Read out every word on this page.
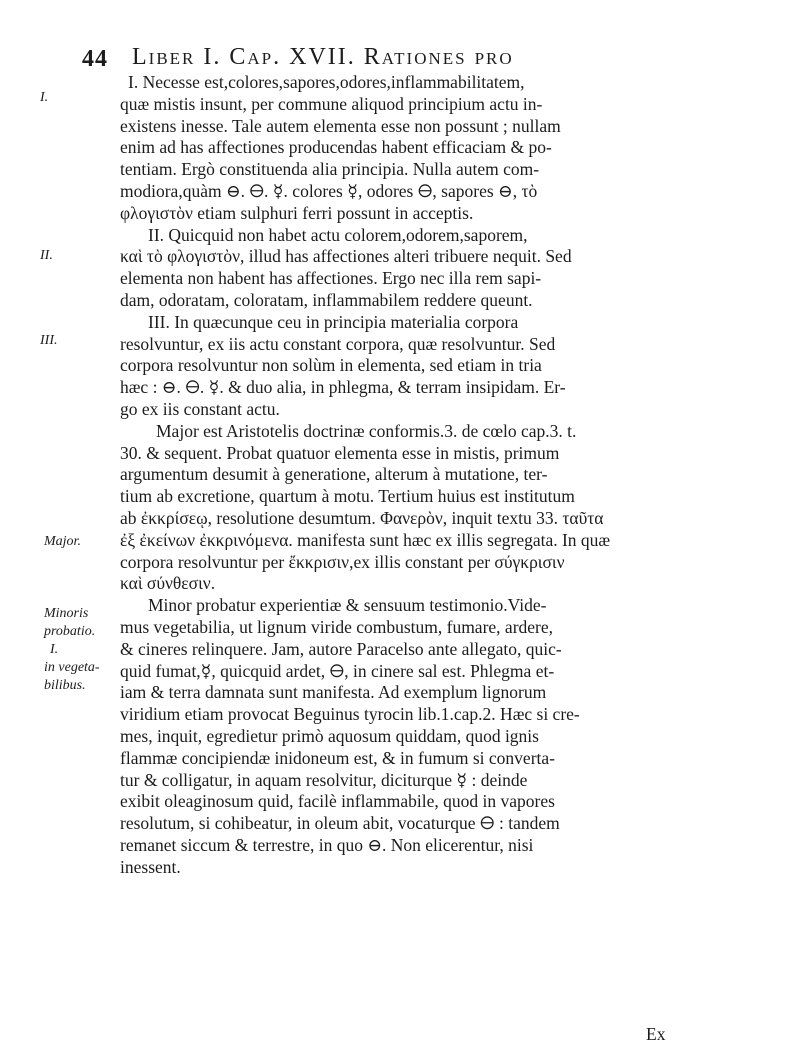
44 Liber I. Cap. XVII. Rationes pro
I.
II.
III.
Major.
Minoris
probatio.
I.
in vegeta-
bilibus.
I. Necesse est,colores,sapores,odores,inflammabilitatem,
quæ mistis insunt, per commune aliquod principium actu in-
existens inesse. Tale autem elementa esse non possunt ; nullam
enim ad has affectiones producendas habent efficaciam & po-
tentiam. Ergò constituenda alia principia. Nulla autem com-
modiora,quàm ⊖. 🜔. ☿. colores ☿, odores 🜔, sapores ⊖, τὸ
φλογιστὸν etiam sulphuri ferri possunt in acceptis.
II. Quicquid non habet actu colorem,odorem,saporem,
καὶ τὸ φλογιστὸν, illud has affectiones alteri tribuere nequit. Sed
elementa non habent has affectiones. Ergo nec illa rem sapi-
dam, odoratam, coloratam, inflammabilem reddere queunt.
III. In quæcunque ceu in principia materialia corpora
resolvuntur, ex iis actu constant corpora, quæ resolvuntur. Sed
corpora resolvuntur non solùm in elementa, sed etiam in tria
hæc : ⊖. 🜔. ☿. & duo alia, in phlegma, & terram insipidam. Er-
go ex iis constant actu.
Major est Aristotelis doctrinæ conformis.3. de cœlo cap.3. t.
30. & sequent. Probat quatuor elementa esse in mistis, primum
argumentum desumit à generatione, alterum à mutatione, ter-
tium ab excretione, quartum à motu. Tertium huius est institutum
ab ἐκκρίσεῳ, resolutione desumtum. Φανερὸν, inquit textu 33. ταῦτα
ἐξ ἐκείνων ἐκκρινόμενα. manifesta sunt hæc ex illis segregata. In quæ
corpora resolvuntur per ἔκκρισιν,ex illis constant per σύγκρισιν
καὶ σύνθεσιν.
Minor probatur experientiæ & sensuum testimonio.Vide-
mus vegetabilia, ut lignum viride combustum, fumare, ardere,
& cineres relinquere. Jam, autore Paracelso ante allegato, quic-
quid fumat,☿, quicquid ardet, 🜔, in cinere sal est. Phlegma et-
iam & terra damnata sunt manifesta. Ad exemplum lignorum
viridium etiam provocat Beguinus tyrocin lib.1.cap.2. Hæc si cre-
mes, inquit, egredietur primò aquosum quiddam, quod ignis
flammæ concipiendæ inidoneum est, & in fumum si converta-
tur & colligatur, in aquam resolvitur, diciturque ☿ : deinde
exibit oleaginosum quid, facilè inflammabile, quod in vapores
resolutum, si cohibeatur, in oleum abit, vocaturque 🜔 : tandem
remanet siccum & terrestre, in quo ⊖. Non elicerentur, nisi
inessent.
Ex
